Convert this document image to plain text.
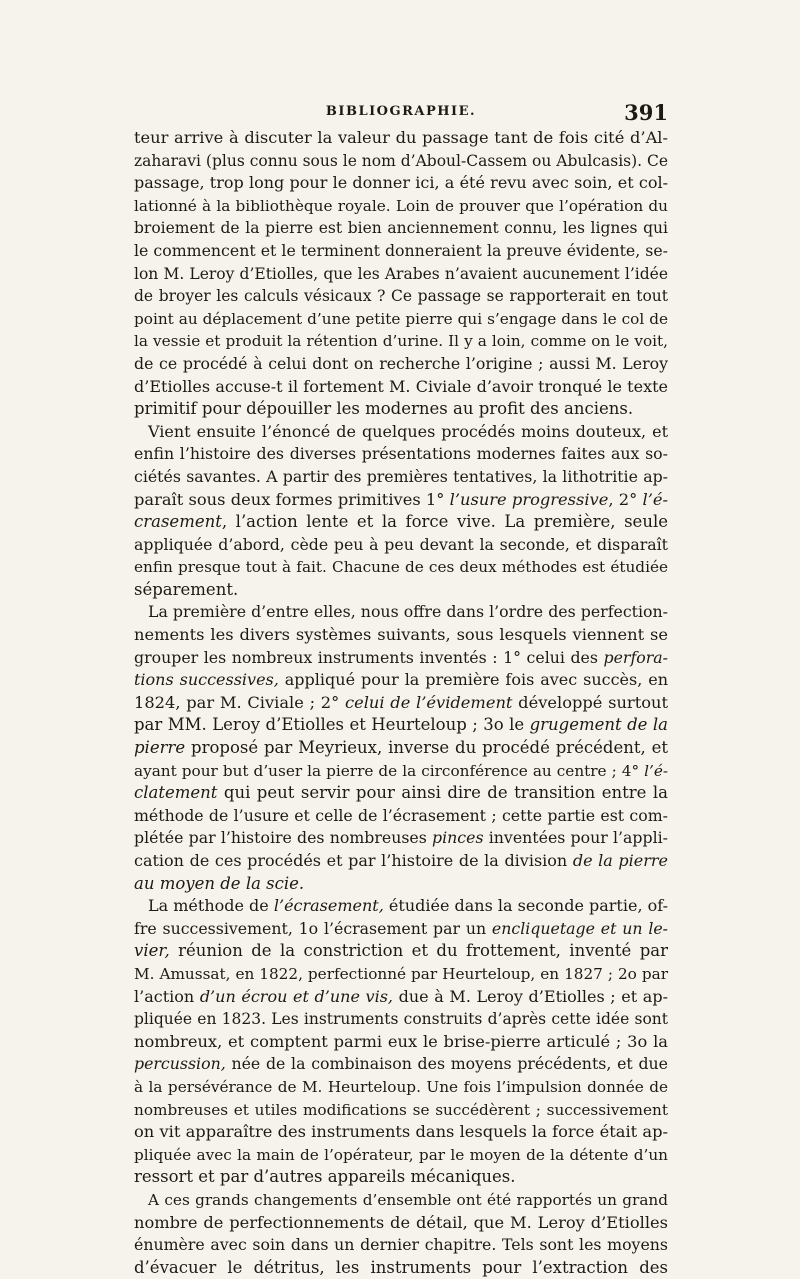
BIBLIOGRAPHIE.	391
teur arrive à discuter la valeur du passage tant de fois cité d’Al-
zaharavi (plus connu sous le nom d’Aboul-Cassem ou Abulcasis). Ce
passage, trop long pour le donner ici, a été revu avec soin, et col-
lationné à la bibliothèque royale. Loin de prouver que l’opération du
broiement de la pierre est bien anciennement connu, les lignes qui
le commencent et le terminent donneraient la preuve évidente, se-
lon M. Leroy d’Etiolles, que les Arabes n’avaient aucunement l’idée
de broyer les calculs vésicaux ? Ce passage se rapporterait en tout
point au déplacement d’une petite pierre qui s’engage dans le col de
la vessie et produit la rétention d’urine. Il y a loin, comme on le voit,
de ce procédé à celui dont on recherche l’origine ; aussi M. Leroy
d’Etiolles accuse-t il fortement M. Civiale d’avoir tronqué le texte
primitif pour dépouiller les modernes au profit des anciens.
Vient ensuite l’énoncé de quelques procédés moins douteux, et
enfin l’histoire des diverses présentations modernes faites aux so-
ciétés savantes. A partir des premières tentatives, la lithotritie ap-
paraît sous deux formes primitives 1° l’usure progressive, 2° l’é-
crasement, l’action lente et la force vive. La première, seule
appliquée d’abord, cède peu à peu devant la seconde, et disparaît
enfin presque tout à fait. Chacune de ces deux méthodes est étudiée
séparement.
La première d’entre elles, nous offre dans l’ordre des perfection-
nements les divers systèmes suivants, sous lesquels viennent se
grouper les nombreux instruments inventés : 1° celui des perfora-
tions successives, appliqué pour la première fois avec succès, en
1824, par M. Civiale ; 2° celui de l’évidement développé surtout
par MM. Leroy d’Etiolles et Heurteloup ; 3o le grugement de la
pierre proposé par Meyrieux, inverse du procédé précédent, et
ayant pour but d’user la pierre de la circonférence au centre ; 4° l’é-
clatement qui peut servir pour ainsi dire de transition entre la
méthode de l’usure et celle de l’écrasement ; cette partie est com-
plétée par l’histoire des nombreuses pinces inventées pour l’appli-
cation de ces procédés et par l’histoire de la division de la pierre
au moyen de la scie.
La méthode de l’écrasement, étudiée dans la seconde partie, of-
fre successivement, 1o l’écrasement par un encliquetage et un le-
vier, réunion de la constriction et du frottement, inventé par
M. Amussat, en 1822, perfectionné par Heurteloup, en 1827 ; 2o par
l’action d’un écrou et d’une vis, due à M. Leroy d’Etiolles ; et ap-
pliquée en 1823. Les instruments construits d’après cette idée sont
nombreux, et comptent parmi eux le brise-pierre articulé ; 3o la
percussion, née de la combinaison des moyens précédents, et due
à la persévérance de M. Heurteloup. Une fois l’impulsion donnée de
nombreuses et utiles modifications se succédèrent ; successivement
on vit apparaître des instruments dans lesquels la force était ap-
pliquée avec la main de l’opérateur, par le moyen de la détente d’un
ressort et par d’autres appareils mécaniques.
A ces grands changements d’ensemble ont été rapportés un grand
nombre de perfectionnements de détail, que M. Leroy d’Etiolles
énumère avec soin dans un dernier chapitre. Tels sont les moyens
d’évacuer le détritus, les instruments pour l’extraction des
